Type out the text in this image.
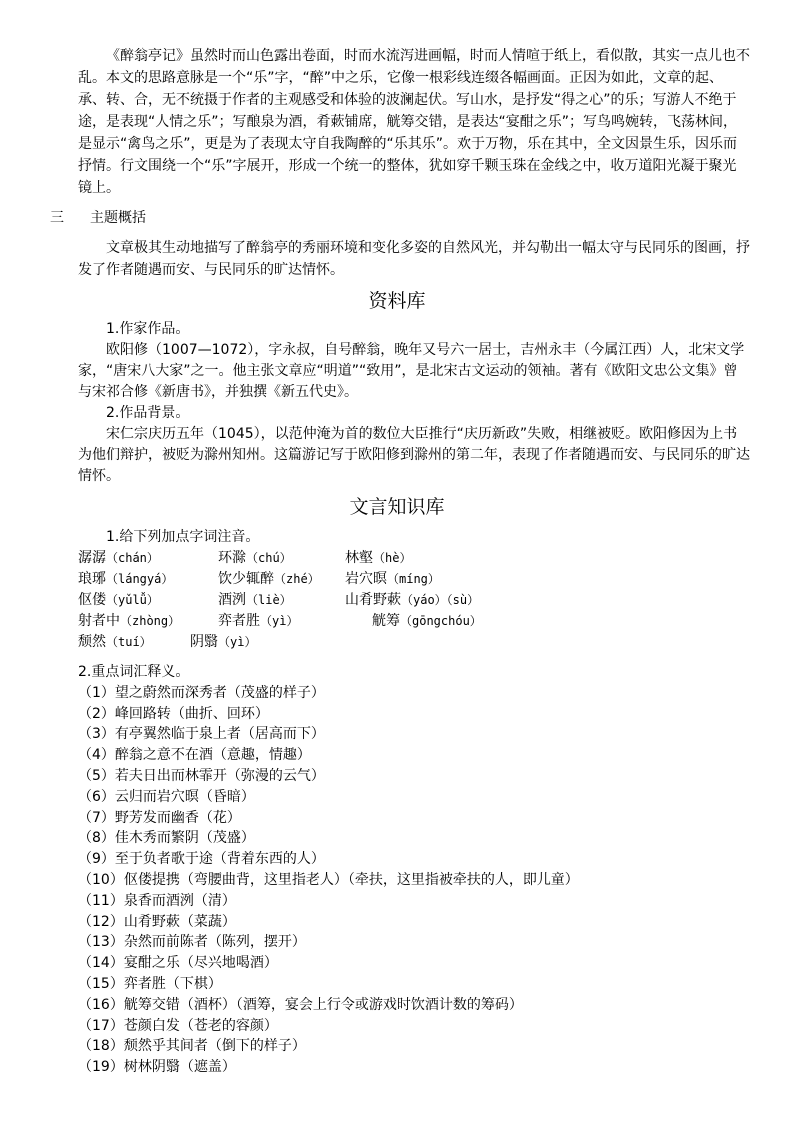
《醉翁亭记》虽然时而山色露出卷面，时而水流泻进画幅，时而人情喧于纸上，看似散，其实一点儿也不乱。本文的思路意脉是一个“乐”字，“醉”中之乐，它像一根彩线连缀各幅画面。正因为如此，文章的起、承、转、合，无不统摄于作者的主观感受和体验的波澜起伏。写山水，是抒发“得之心”的乐；写游人不绝于途，是表现“人情之乐”；写酿泉为酒，肴蔌铺席，觥筹交错，是表达“宴酣之乐”；写鸟鸣婉转，飞荡林间，是显示“禽鸟之乐”，更是为了表现太守自我陶醉的“乐其乐”。欢于万物，乐在其中，全文因景生乐，因乐而抒情。行文围绕一个“乐”字展开，形成一个统一的整体，犹如穿千颗玉珠在金线之中，收万道阳光凝于聚光镜上。

三 主题概括

文章极其生动地描写了醉翁亭的秀丽环境和变化多姿的自然风光，并勾勒出一幅太守与民同乐的图画，抒发了作者随遇而安、与民同乐的旷达情怀。

资料库

1.作家作品。

欧阳修（1007—1072），字永叔，自号醉翁，晚年又号六一居士，吉州永丰（今属江西）人，北宋文学家，“唐宋八大家”之一。他主张文章应“明道”“致用”，是北宋古文运动的领袖。著有《欧阳文忠公文集》曾与宋祁合修《新唐书》，并独撰《新五代史》。

2.作品背景。

宋仁宗庆历五年（1045），以范仲淹为首的数位大臣推行“庆历新政”失败，相继被贬。欧阳修因为上书为他们辩护，被贬为滁州知州。这篇游记写于欧阳修到滁州的第二年，表现了作者随遇而安、与民同乐的旷达情怀。

文言知识库

1.给下列加点字词注音。

潺潺（chán）	环滁（chú）	林壑（hè）
琅琊（lángyá）	饮少辄醉（zhé） 岩穴暝（míng）
伛偻（yǔlǚ）	酒洌（liè）	山肴野蔌（yáo）（sù）
射者中（zhòng）	弈者胜（yì）	觥筹（gōngchóu）
颓然（tuí）	阴翳（yì）
2.重点词汇释义。
（1）望之蔚然而深秀者（茂盛的样子）
（2）峰回路转（曲折、回环）
（3）有亭翼然临于泉上者（居高而下）
（4）醉翁之意不在酒（意趣，情趣）
（5）若夫日出而林霏开（弥漫的云气）
（6）云归而岩穴暝（昏暗）
（7）野芳发而幽香（花）
（8）佳木秀而繁阴（茂盛）
（9）至于负者歌于途（背着东西的人）
（10）伛偻提携（弯腰曲背，这里指老人）（牵扶，这里指被牵扶的人，即儿童）
（11）泉香而酒洌（清）
（12）山肴野蔌（菜蔬）
（13）杂然而前陈者（陈列，摆开）
（14）宴酣之乐（尽兴地喝酒）
（15）弈者胜（下棋）
（16）觥筹交错（酒杯）（酒筹，宴会上行令或游戏时饮酒计数的筹码）
（17）苍颜白发（苍老的容颜）
（18）颓然乎其间者（倒下的样子）
（19）树林阴翳（遮盖）
